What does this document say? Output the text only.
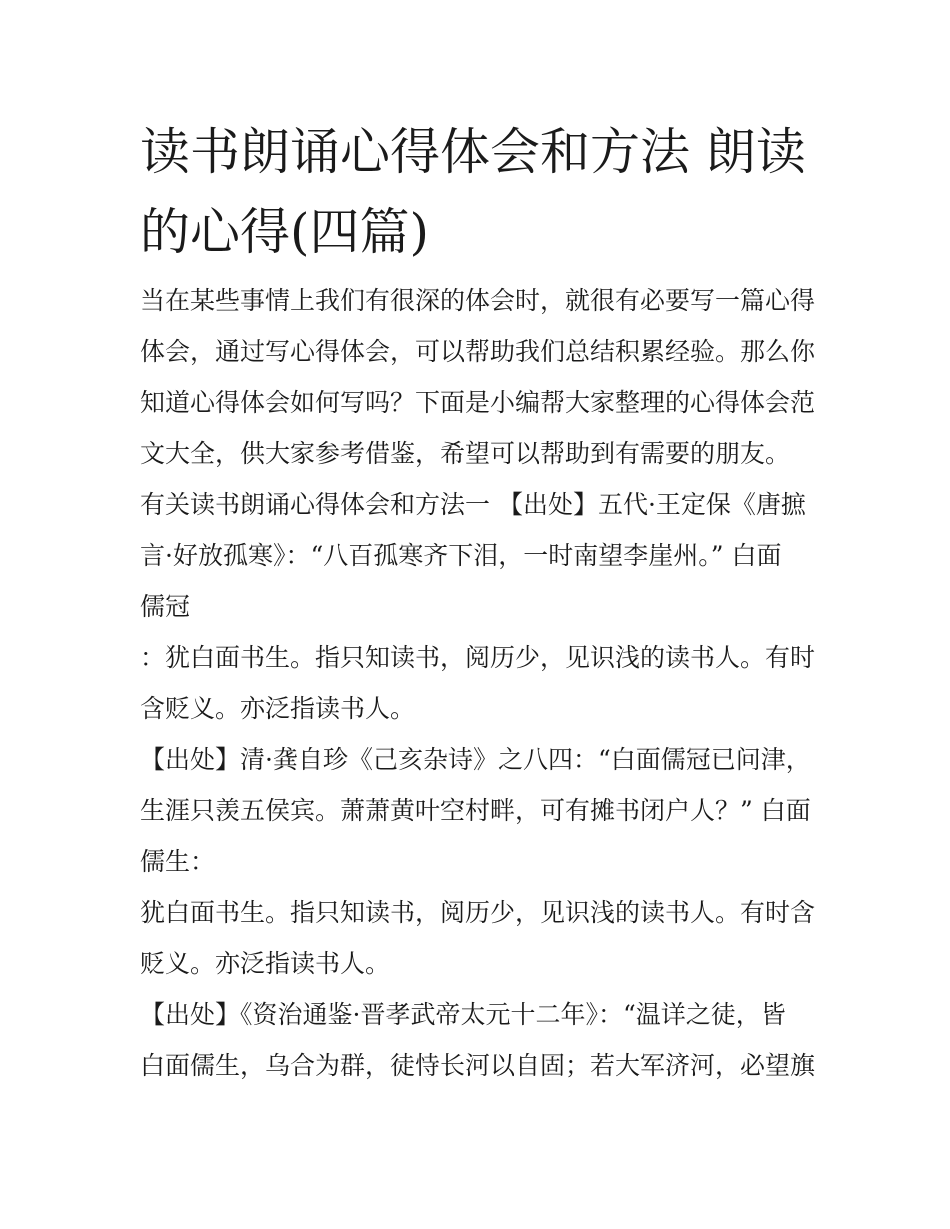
读书朗诵心得体会和方法 朗读
的心得(四篇)
当在某些事情上我们有很深的体会时，就很有必要写一篇心得
体会，通过写心得体会，可以帮助我们总结积累经验。那么你
知道心得体会如何写吗？下面是小编帮大家整理的心得体会范
文大全，供大家参考借鉴，希望可以帮助到有需要的朋友。
有关读书朗诵心得体会和方法一 【出处】五代·王定保《唐摭
言·好放孤寒》：“八百孤寒齐下泪，一时南望李崖州。” 白面
儒冠
：犹白面书生。指只知读书，阅历少，见识浅的读书人。有时
含贬义。亦泛指读书人。
【出处】清·龚自珍《己亥杂诗》之八四：“白面儒冠已问津，
生涯只羡五侯宾。萧萧黄叶空村畔，可有摊书闭户人？” 白面
儒生：
犹白面书生。指只知读书，阅历少，见识浅的读书人。有时含
贬义。亦泛指读书人。
【出处】《资治通鉴·晋孝武帝太元十二年》：“温详之徒，皆
白面儒生，乌合为群，徒恃长河以自固；若大军济河，必望旗
